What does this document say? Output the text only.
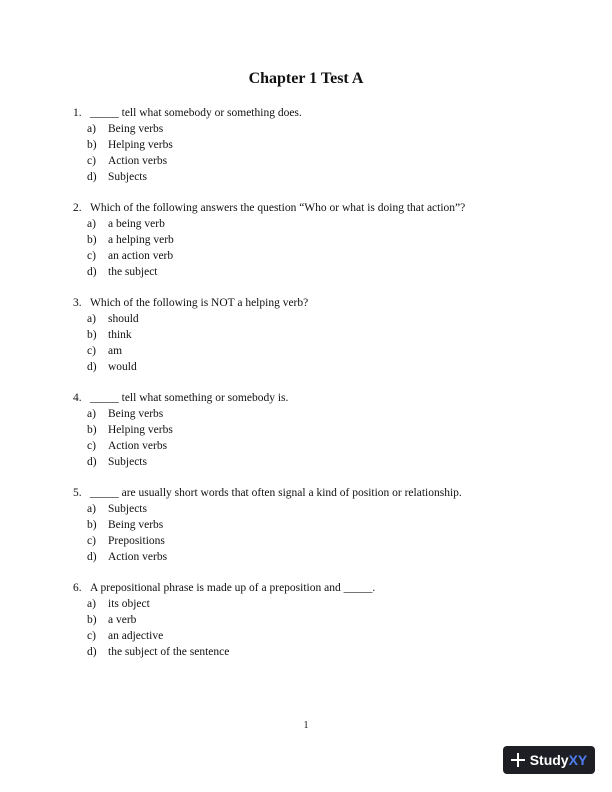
Chapter 1 Test A
1. _____ tell what somebody or something does.
a)	Being verbs
b) Helping verbs
c)	Action verbs
d) Subjects
2. Which of the following answers the question “Who or what is doing that action”?
a)	a being verb
b) a helping verb
c)	an action verb
d) the subject
3. Which of the following is NOT a helping verb?
a)	should
b) think
c)	am
d) would
4. _____ tell what something or somebody is.
a)	Being verbs
b) Helping verbs
c)	Action verbs
d) Subjects
5. _____ are usually short words that often signal a kind of position or relationship.
a)	Subjects
b) Being verbs
c)	Prepositions
d) Action verbs
6. A prepositional phrase is made up of a preposition and _____.
a)	its object
b) a verb
c)	an adjective
d) the subject of the sentence
1
Study XY
